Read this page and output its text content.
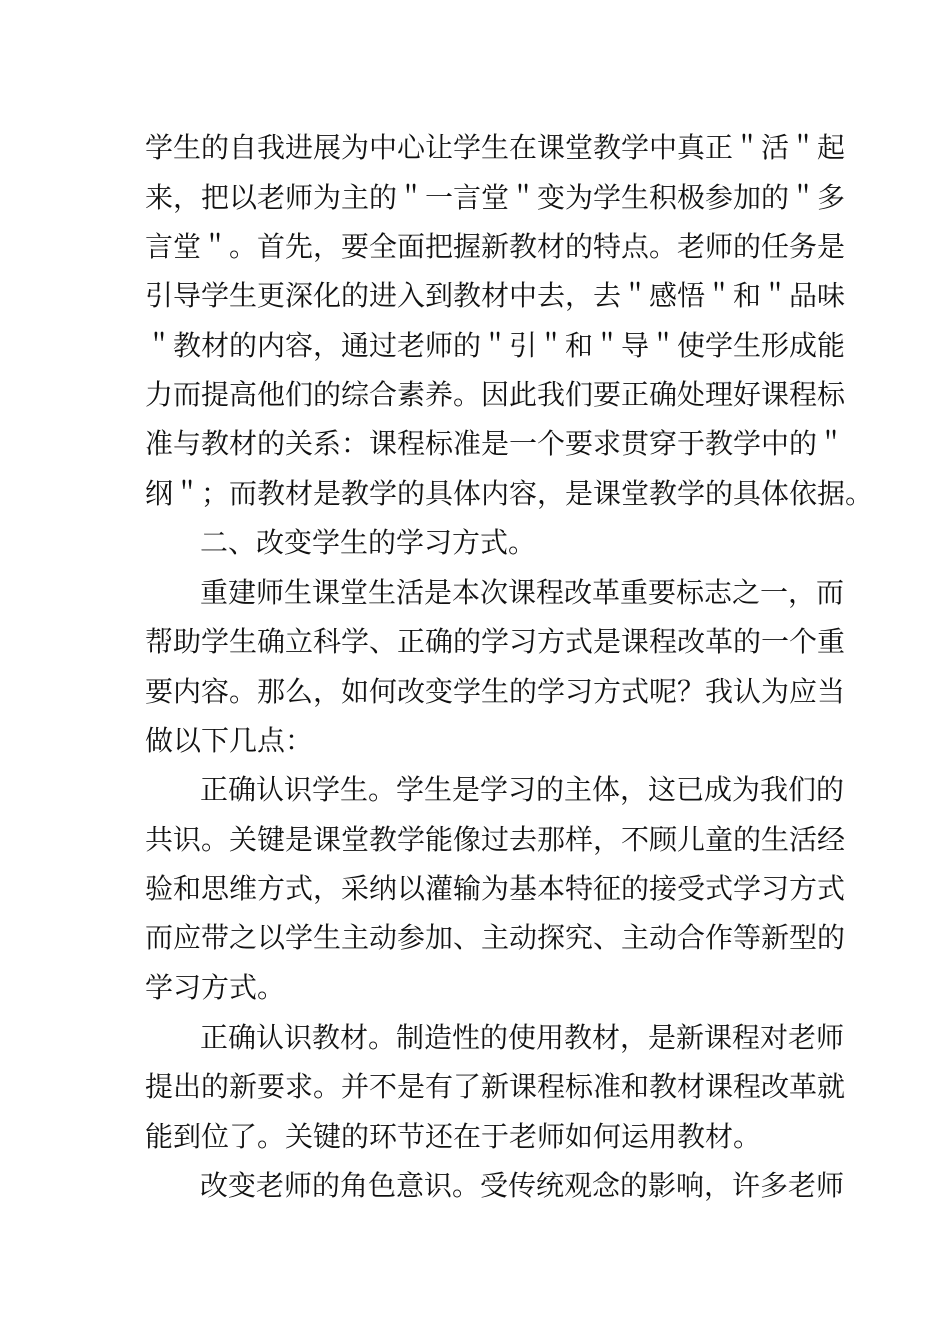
学生的自我进展为中心让学生在课堂教学中真正＂活＂起
来，把以老师为主的＂一言堂＂变为学生积极参加的＂多
言堂＂。首先，要全面把握新教材的特点。老师的任务是
引导学生更深化的进入到教材中去，去＂感悟＂和＂品味
＂教材的内容，通过老师的＂引＂和＂导＂使学生形成能
力而提高他们的综合素养。因此我们要正确处理好课程标
准与教材的关系：课程标准是一个要求贯穿于教学中的＂
纲＂；而教材是教学的具体内容，是课堂教学的具体依据。
二、改变学生的学习方式。
重建师生课堂生活是本次课程改革重要标志之一，而
帮助学生确立科学、正确的学习方式是课程改革的一个重
要内容。那么，如何改变学生的学习方式呢？我认为应当
做以下几点：
正确认识学生。学生是学习的主体，这已成为我们的
共识。关键是课堂教学能像过去那样，不顾儿童的生活经
验和思维方式，采纳以灌输为基本特征的接受式学习方式
而应带之以学生主动参加、主动探究、主动合作等新型的
学习方式。
正确认识教材。制造性的使用教材，是新课程对老师
提出的新要求。并不是有了新课程标准和教材课程改革就
能到位了。关键的环节还在于老师如何运用教材。
改变老师的角色意识。受传统观念的影响，许多老师
